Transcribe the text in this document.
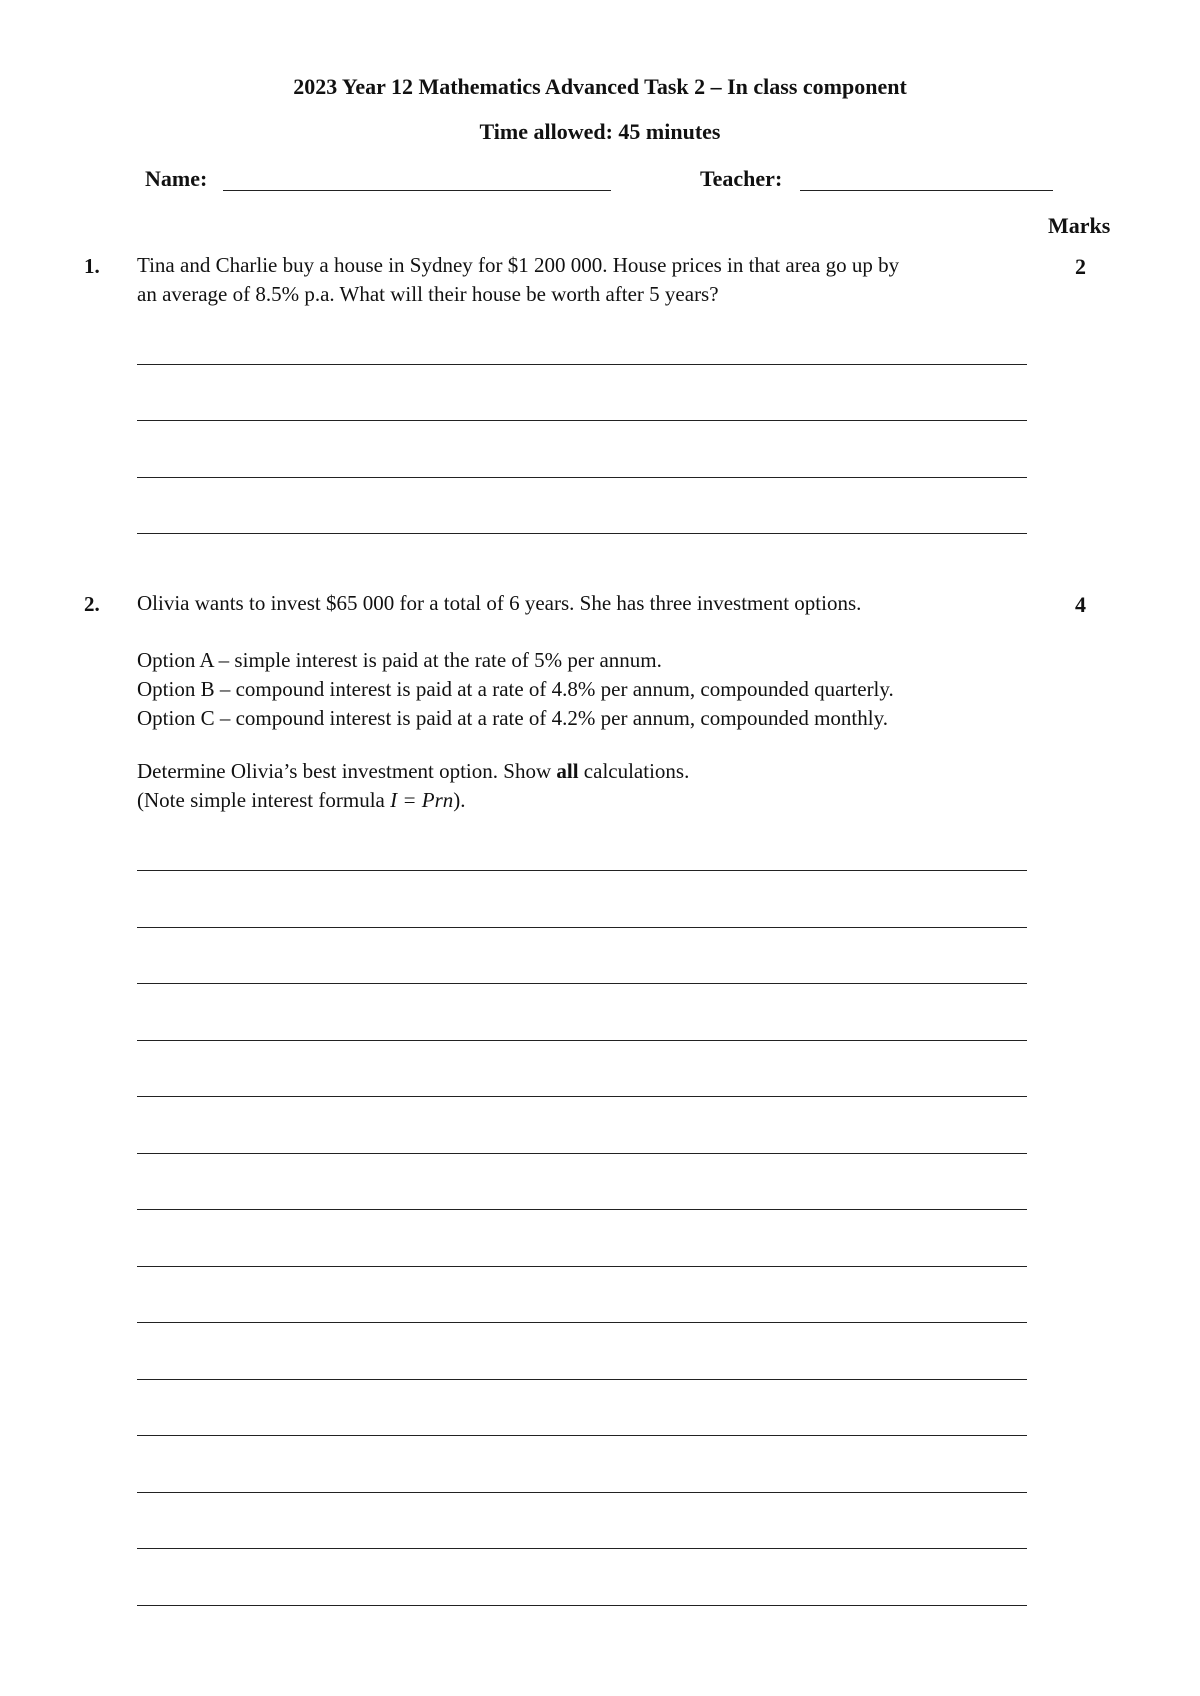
2023 Year 12 Mathematics Advanced Task 2 – In class component
Time allowed: 45 minutes
Name:	Teacher:
Marks
1.	2

Tina and Charlie buy a house in Sydney for $1 200 000. House prices in that area go up by

an average of 8.5% p.a. What will their house be worth after 5 years?

2.	4
Olivia wants to invest $65 000 for a total of 6 years. She has three investment options.

Option A – simple interest is paid at the rate of 5% per annum.

Option B – compound interest is paid at a rate of 4.8% per annum, compounded quarterly.

Option C – compound interest is paid at a rate of 4.2% per annum, compounded monthly.

Determine Olivia’s best investment option. Show all calculations.

(Note simple interest formula I = Prn).
